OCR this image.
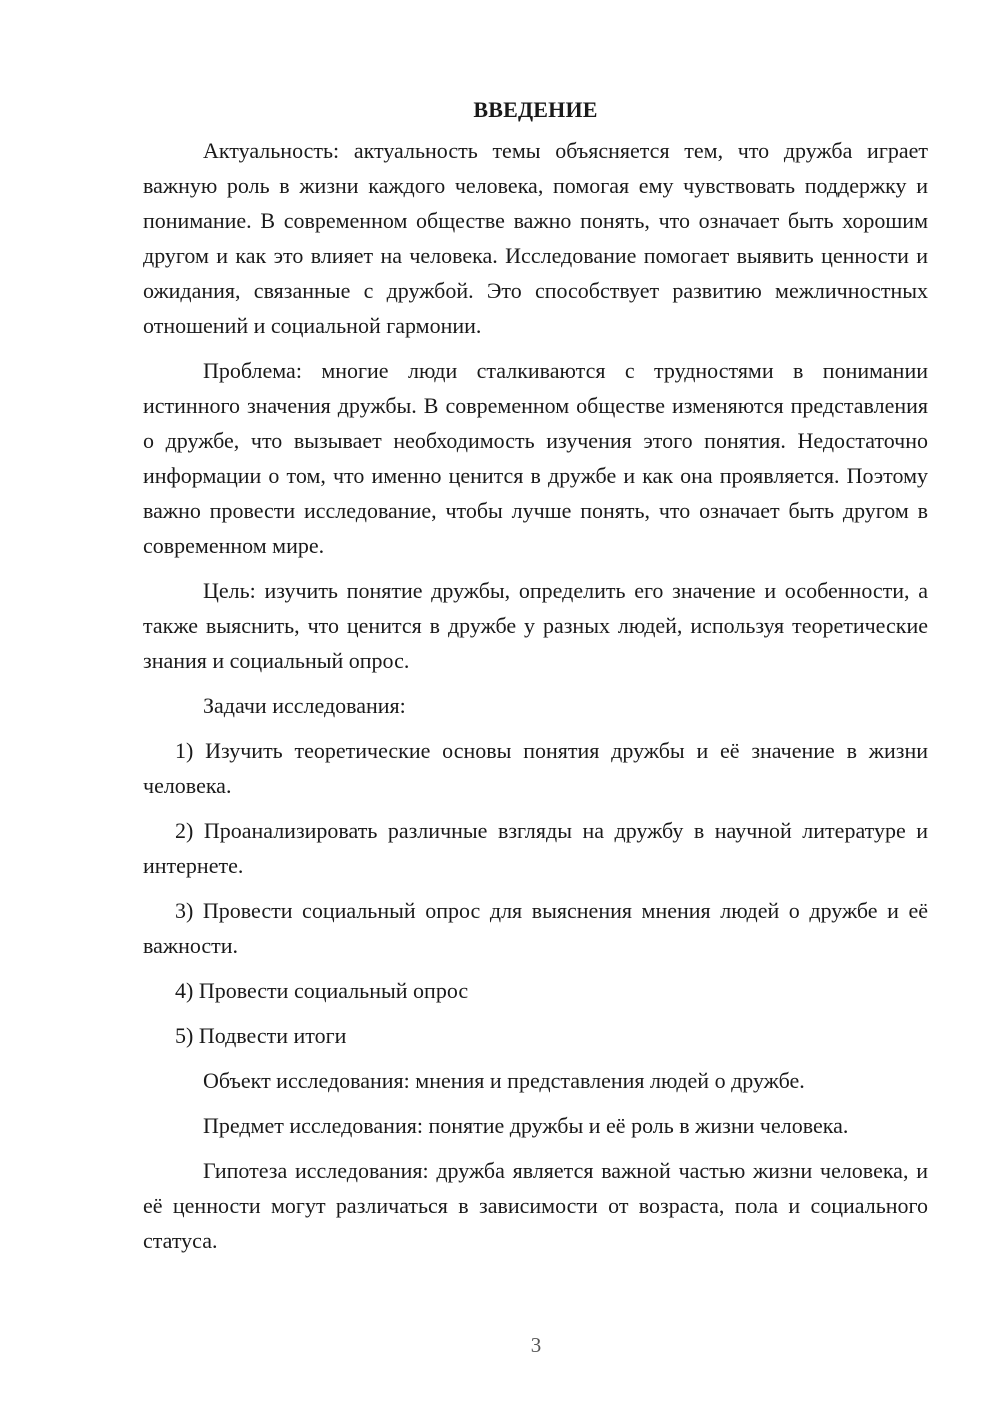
ВВЕДЕНИЕ

Актуальность: актуальность темы объясняется тем, что дружба играет важную роль в жизни каждого человека, помогая ему чувствовать поддержку и понимание. В современном обществе важно понять, что означает быть хорошим другом и как это влияет на человека. Исследование помогает выявить ценности и ожидания, связанные с дружбой. Это способствует развитию межличностных отношений и социальной гармонии.

Проблема: многие люди сталкиваются с трудностями в понимании истинного значения дружбы. В современном обществе изменяются представления о дружбе, что вызывает необходимость изучения этого понятия. Недостаточно информации о том, что именно ценится в дружбе и как она проявляется. Поэтому важно провести исследование, чтобы лучше понять, что означает быть другом в современном мире.

Цель: изучить понятие дружбы, определить его значение и особенности, а также выяснить, что ценится в дружбе у разных людей, используя теоретические знания и социальный опрос.

Задачи исследования:

1) Изучить теоретические основы понятия дружбы и её значение в жизни человека.

2) Проанализировать различные взгляды на дружбу в научной литературе и интернете.

3) Провести социальный опрос для выяснения мнения людей о дружбе и её важности.

4) Провести социальный опрос

5) Подвести итоги

Объект исследования: мнения и представления людей о дружбе.

Предмет исследования: понятие дружбы и её роль в жизни человека.

Гипотеза исследования: дружба является важной частью жизни человека, и её ценности могут различаться в зависимости от возраста, пола и социального статуса.

3
